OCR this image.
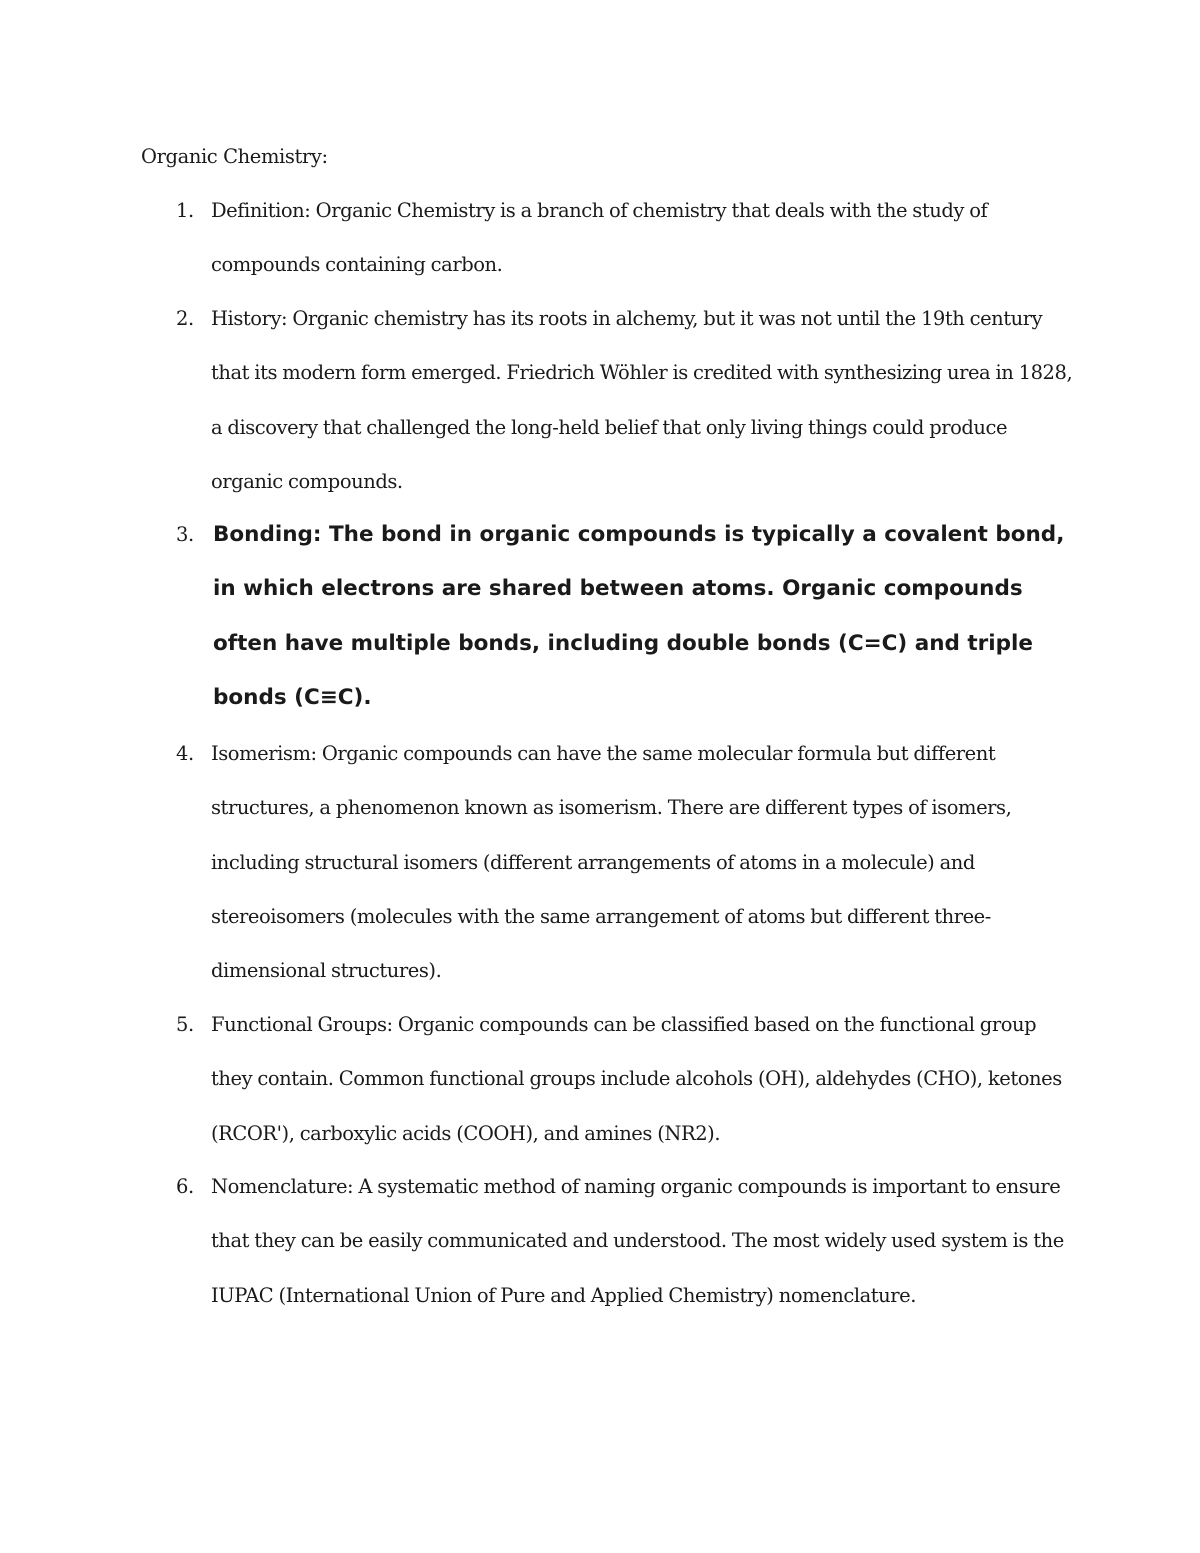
Organic Chemistry:
1. Definition: Organic Chemistry is a branch of chemistry that deals with the study of compounds containing carbon.

2. History: Organic chemistry has its roots in alchemy, but it was not until the 19th century that its modern form emerged. Friedrich Wöhler is credited with synthesizing urea in 1828, a discovery that challenged the long-held belief that only living things could produce organic compounds.

3. Bonding: The bond in organic compounds is typically a covalent bond, in which electrons are shared between atoms. Organic compounds often have multiple bonds, including double bonds (C=C) and triple bonds (C≡C).

4. Isomerism: Organic compounds can have the same molecular formula but different structures, a phenomenon known as isomerism. There are different types of isomers, including structural isomers (different arrangements of atoms in a molecule) and stereoisomers (molecules with the same arrangement of atoms but different three-dimensional structures).

5. Functional Groups: Organic compounds can be classified based on the functional group they contain. Common functional groups include alcohols (OH), aldehydes (CHO), ketones (RCOR'), carboxylic acids (COOH), and amines (NR2).

6. Nomenclature: A systematic method of naming organic compounds is important to ensure that they can be easily communicated and understood. The most widely used system is the IUPAC (International Union of Pure and Applied Chemistry) nomenclature.
